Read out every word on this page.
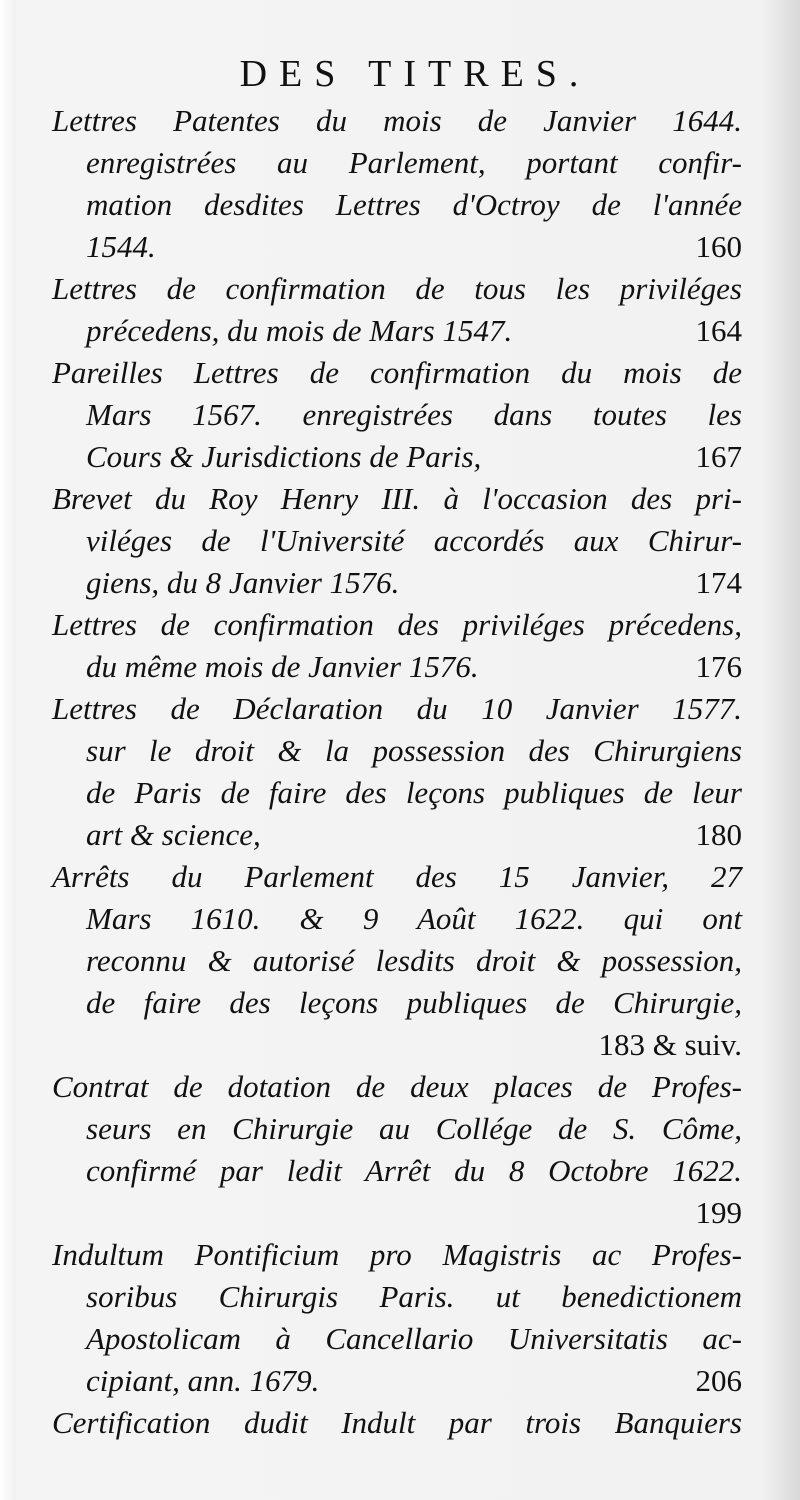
DES TITRES.
Lettres Patentes du mois de Janvier 1644.
enregistrées au Parlement, portant confir-
mation desdites Lettres d'Octroy de l'année
1544.	160
Lettres de confirmation de tous les priviléges
précedens, du mois de Mars 1547.	164
Pareilles Lettres de confirmation du mois de
Mars 1567. enregistrées dans toutes les
Cours & Jurisdictions de Paris,	167
Brevet du Roy Henry III. à l'occasion des pri-
viléges de l'Université accordés aux Chirur-
giens, du 8 Janvier 1576.	174
Lettres de confirmation des priviléges précedens,
du même mois de Janvier 1576.	176
Lettres de Déclaration du 10 Janvier 1577.
sur le droit & la possession des Chirurgiens
de Paris de faire des leçons publiques de leur
art & science,	180
Arrêts du Parlement des 15 Janvier, 27
Mars 1610. & 9 Août 1622. qui ont
reconnu & autorisé lesdits droit & possession,
de faire des leçons publiques de Chirurgie,
183 & suiv.
Contrat de dotation de deux places de Profes-
seurs en Chirurgie au Collége de S. Côme,
confirmé par ledit Arrêt du 8 Octobre 1622.
199
Indultum Pontificium pro Magistris ac Profes-
soribus Chirurgis Paris. ut benedictionem
Apostolicam à Cancellario Universitatis ac-
cipiant, ann. 1679.	206
Certification dudit Indult par trois Banquiers
